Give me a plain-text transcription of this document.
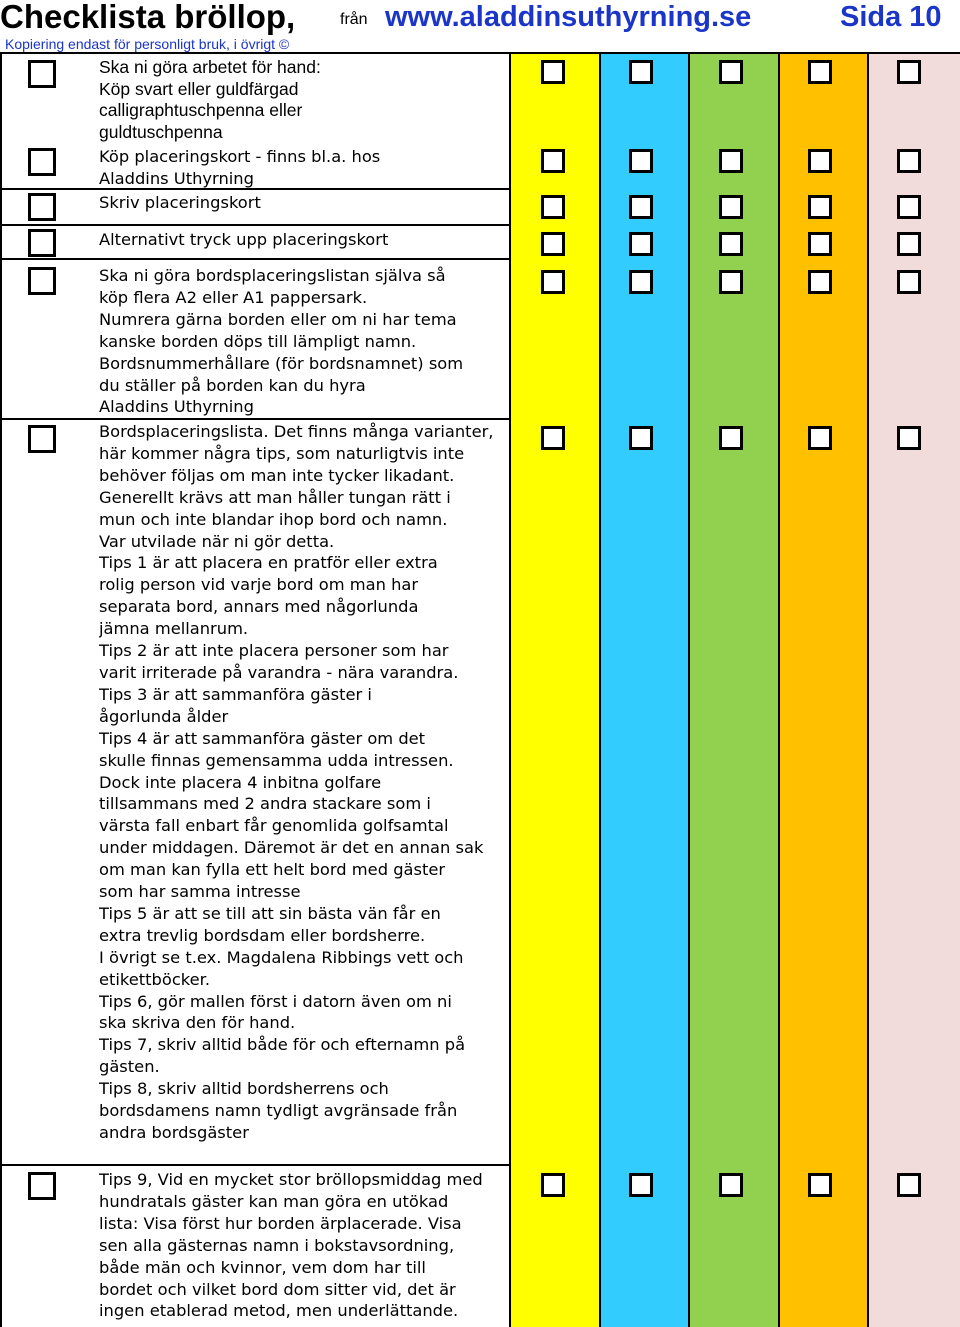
Checklista bröllop,	från www.aladdinsuthyrning.se	Sida 10
Kopiering endast för personligt bruk, i övrigt ©
Ska ni göra arbetet för hand:
Köp svart eller guldfärgad
calligraphtuschpenna eller
guldtuschpenna
Köp placeringskort - finns bl.a. hos
Aladdins Uthyrning
Skriv placeringskort
Alternativt tryck upp placeringskort
Ska ni göra bordsplaceringslistan själva så
köp flera A2 eller A1 pappersark.
Numrera gärna borden eller om ni har tema
kanske borden döps till lämpligt namn.
Bordsnummerhållare (för bordsnamnet) som
du ställer på borden kan du hyra
Aladdins Uthyrning
Bordsplaceringslista. Det finns många varianter,
här kommer några tips, som naturligtvis inte
behöver följas om man inte tycker likadant.
Generellt krävs att man håller tungan rätt i
mun och inte blandar ihop bord och namn.
Var utvilade när ni gör detta.
Tips 1 är att placera en pratför eller extra
rolig person vid varje bord om man har
separata bord, annars med någorlunda
jämna mellanrum.
Tips 2 är att inte placera personer som har
varit irriterade på varandra - nära varandra.
Tips 3 är att sammanföra gäster i
ågorlunda ålder
Tips 4 är att sammanföra gäster om det
skulle finnas gemensamma udda intressen.
Dock inte placera 4 inbitna golfare
tillsammans med 2 andra stackare som i
värsta fall enbart får genomlida golfsamtal
under middagen. Däremot är det en annan sak
om man kan fylla ett helt bord med gäster
som har samma intresse
Tips 5 är att se till att sin bästa vän får en
extra trevlig bordsdam eller bordsherre.
I övrigt se t.ex. Magdalena Ribbings vett och
etikettböcker.
Tips 6, gör mallen först i datorn även om ni
ska skriva den för hand.
Tips 7, skriv alltid både för och efternamn på
gästen.
Tips 8, skriv alltid bordsherrens och
bordsdamens namn tydligt avgränsade från
andra bordsgäster
Tips 9, Vid en mycket stor bröllopsmiddag med
hundratals gäster kan man göra en utökad
lista: Visa först hur borden ärplacerade. Visa
sen alla gästernas namn i bokstavsordning,
både män och kvinnor, vem dom har till
bordet och vilket bord dom sitter vid, det är
ingen etablerad metod, men underlättande.
